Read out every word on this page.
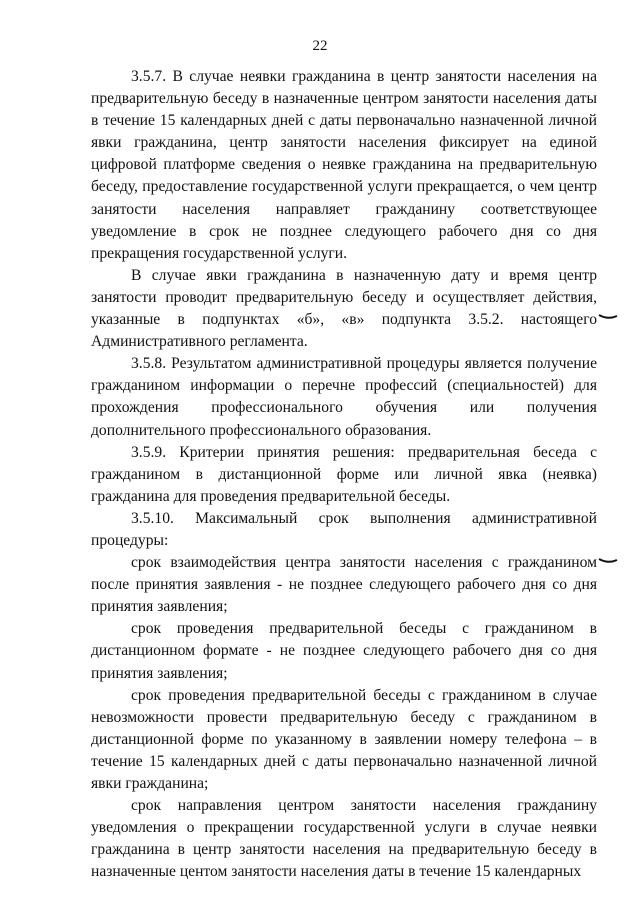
22

3.5.7. В случае неявки гражданина в центр занятости населения на предварительную беседу в назначенные центром занятости населения даты в течение 15 календарных дней с даты первоначально назначенной личной явки гражданина, центр занятости населения фиксирует на единой цифровой платформе сведения о неявке гражданина на предварительную беседу, предоставление государственной услуги прекращается, о чем центр занятости населения направляет гражданину соответствующее уведомление в срок не позднее следующего рабочего дня со дня прекращения государственной услуги.

В случае явки гражданина в назначенную дату и время центр занятости проводит предварительную беседу и осуществляет действия, указанные в подпунктах «б», «в» подпункта 3.5.2. настоящего Административного регламента.

3.5.8. Результатом административной процедуры является получение гражданином информации о перечне профессий (специальностей) для прохождения профессионального обучения или получения дополнительного профессионального образования.

3.5.9. Критерии принятия решения: предварительная беседа с гражданином в дистанционной форме или личной явка (неявка) гражданина для проведения предварительной беседы.

3.5.10. Максимальный срок выполнения административной процедуры:

срок взаимодействия центра занятости населения с гражданином после принятия заявления - не позднее следующего рабочего дня со дня принятия заявления;

срок проведения предварительной беседы с гражданином в дистанционном формате - не позднее следующего рабочего дня со дня принятия заявления;

срок проведения предварительной беседы с гражданином в случае невозможности провести предварительную беседу с гражданином в дистанционной форме по указанному в заявлении номеру телефона – в течение 15 календарных дней с даты первоначально назначенной личной явки гражданина;

срок направления центром занятости населения гражданину уведомления о прекращении государственной услуги в случае неявки гражданина в центр занятости населения на предварительную беседу в назначенные центом занятости населения даты в течение 15 календарных
